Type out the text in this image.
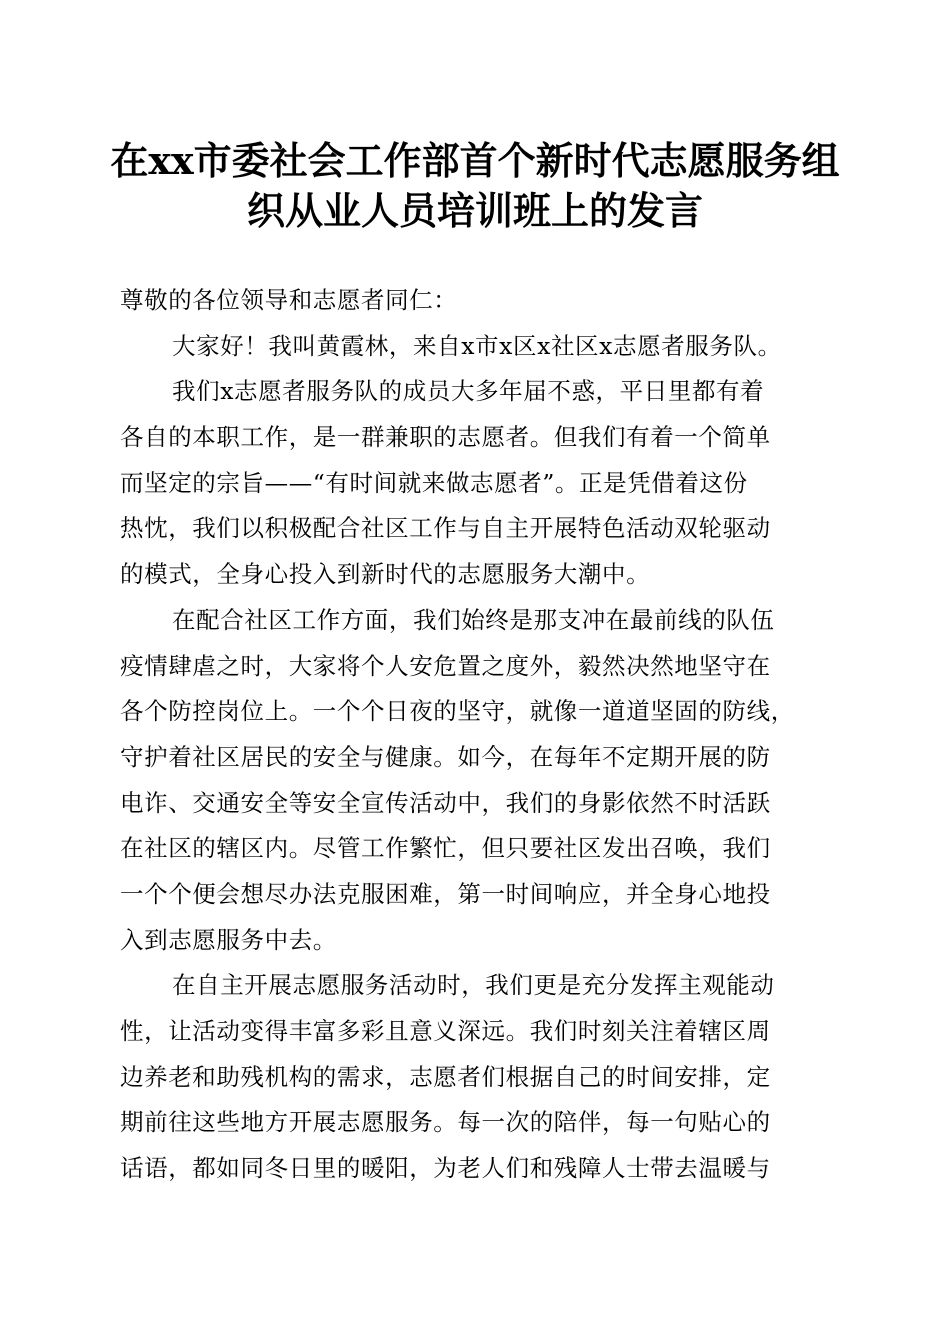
在xx市委社会工作部首个新时代志愿服务组
织从业人员培训班上的发言
尊敬的各位领导和志愿者同仁：
大家好！我叫黄霞林，来自x市x区x社区x志愿者服务队。
我们x志愿者服务队的成员大多年届不惑，平日里都有着
各自的本职工作，是一群兼职的志愿者。但我们有着一个简单
而坚定的宗旨——“有时间就来做志愿者”。正是凭借着这份
热忱，我们以积极配合社区工作与自主开展特色活动双轮驱动
的模式，全身心投入到新时代的志愿服务大潮中。
在配合社区工作方面，我们始终是那支冲在最前线的队伍
疫情肆虐之时，大家将个人安危置之度外，毅然决然地坚守在
各个防控岗位上。一个个日夜的坚守，就像一道道坚固的防线，
守护着社区居民的安全与健康。如今，在每年不定期开展的防
电诈、交通安全等安全宣传活动中，我们的身影依然不时活跃
在社区的辖区内。尽管工作繁忙，但只要社区发出召唤，我们
一个个便会想尽办法克服困难，第一时间响应，并全身心地投
入到志愿服务中去。
在自主开展志愿服务活动时，我们更是充分发挥主观能动
性，让活动变得丰富多彩且意义深远。我们时刻关注着辖区周
边养老和助残机构的需求，志愿者们根据自己的时间安排，定
期前往这些地方开展志愿服务。每一次的陪伴，每一句贴心的
话语，都如同冬日里的暖阳，为老人们和残障人士带去温暖与
